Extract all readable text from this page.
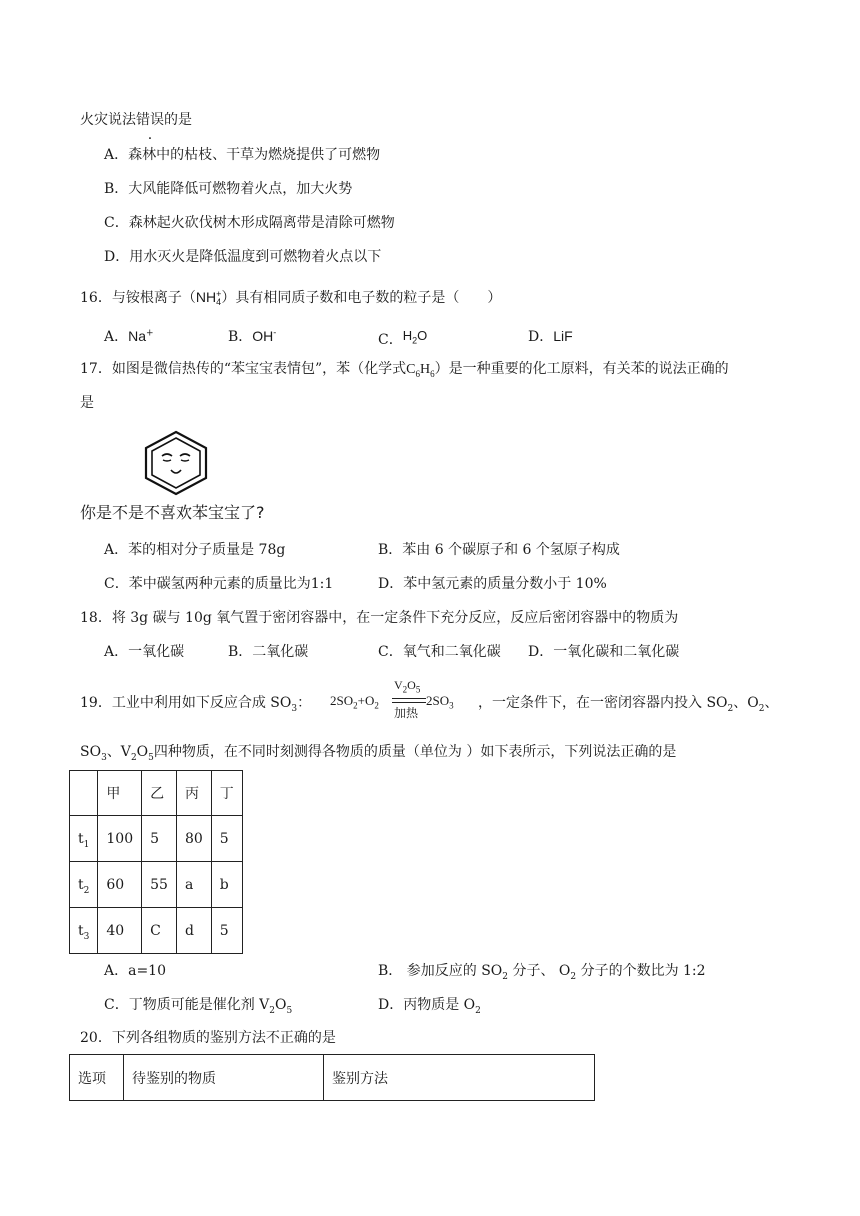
火灾说法错误的是
A．森林中的枯枝、干草为燃烧提供了可燃物
B．大风能降低可燃物着火点，加大火势
C．森林起火砍伐树木形成隔离带是清除可燃物
D．用水灭火是降低温度到可燃物着火点以下
16．与铵根离子（NH +
4 ）具有相同质子数和电子数的粒子是（　　）
A．Na+	B．OH-	C．$H_2O$	D．LiF
17．如图是微信热传的“苯宝宝表情包”，苯（化学式$C_6H_6$）是一种重要的化工原料，有关苯的说法正确的
是
你是不是不喜欢苯宝宝了?
A．苯的相对分子质量是 78g	B．苯由 6 个碳原子和 6 个氢原子构成
C．苯中碳氢两种元素的质量比为1:1	D．苯中氢元素的质量分数小于 10%
18．将 3g 碳与 10g 氧气置于密闭容器中，在一定条件下充分反应，反应后密闭容器中的物质为
A．一氧化碳	B．二氧化碳	C．氧气和二氧化碳 D．一氧化碳和二氧化碳
19．工业中利用如下反应合成 $SO_3$： $2SO_2+O_2$
$V_2O_5$
加热
$2SO_3$ ，一定条件下，在一密闭容器内投入 $SO_2$、$O_2$、
$SO_3$、$V_2O_5$四种物质，在不同时刻测得各物质的质量（单位为 ）如下表所示，下列说法正确的是
	甲	乙	丙	丁
$t_1$	100	5	80	5
$t_2$	60	55	a	b
$t_3$	40	C	d	5
A．a=10	B． 参加反应的 $SO_2$ 分子、 $O_2$ 分子的个数比为 1:2
C．丁物质可能是催化剂 $V_2O_5$	D．丙物质是 $O_2$
20．下列各组物质的鉴别方法不正确的是
选项	待鉴别的物质	鉴别方法
